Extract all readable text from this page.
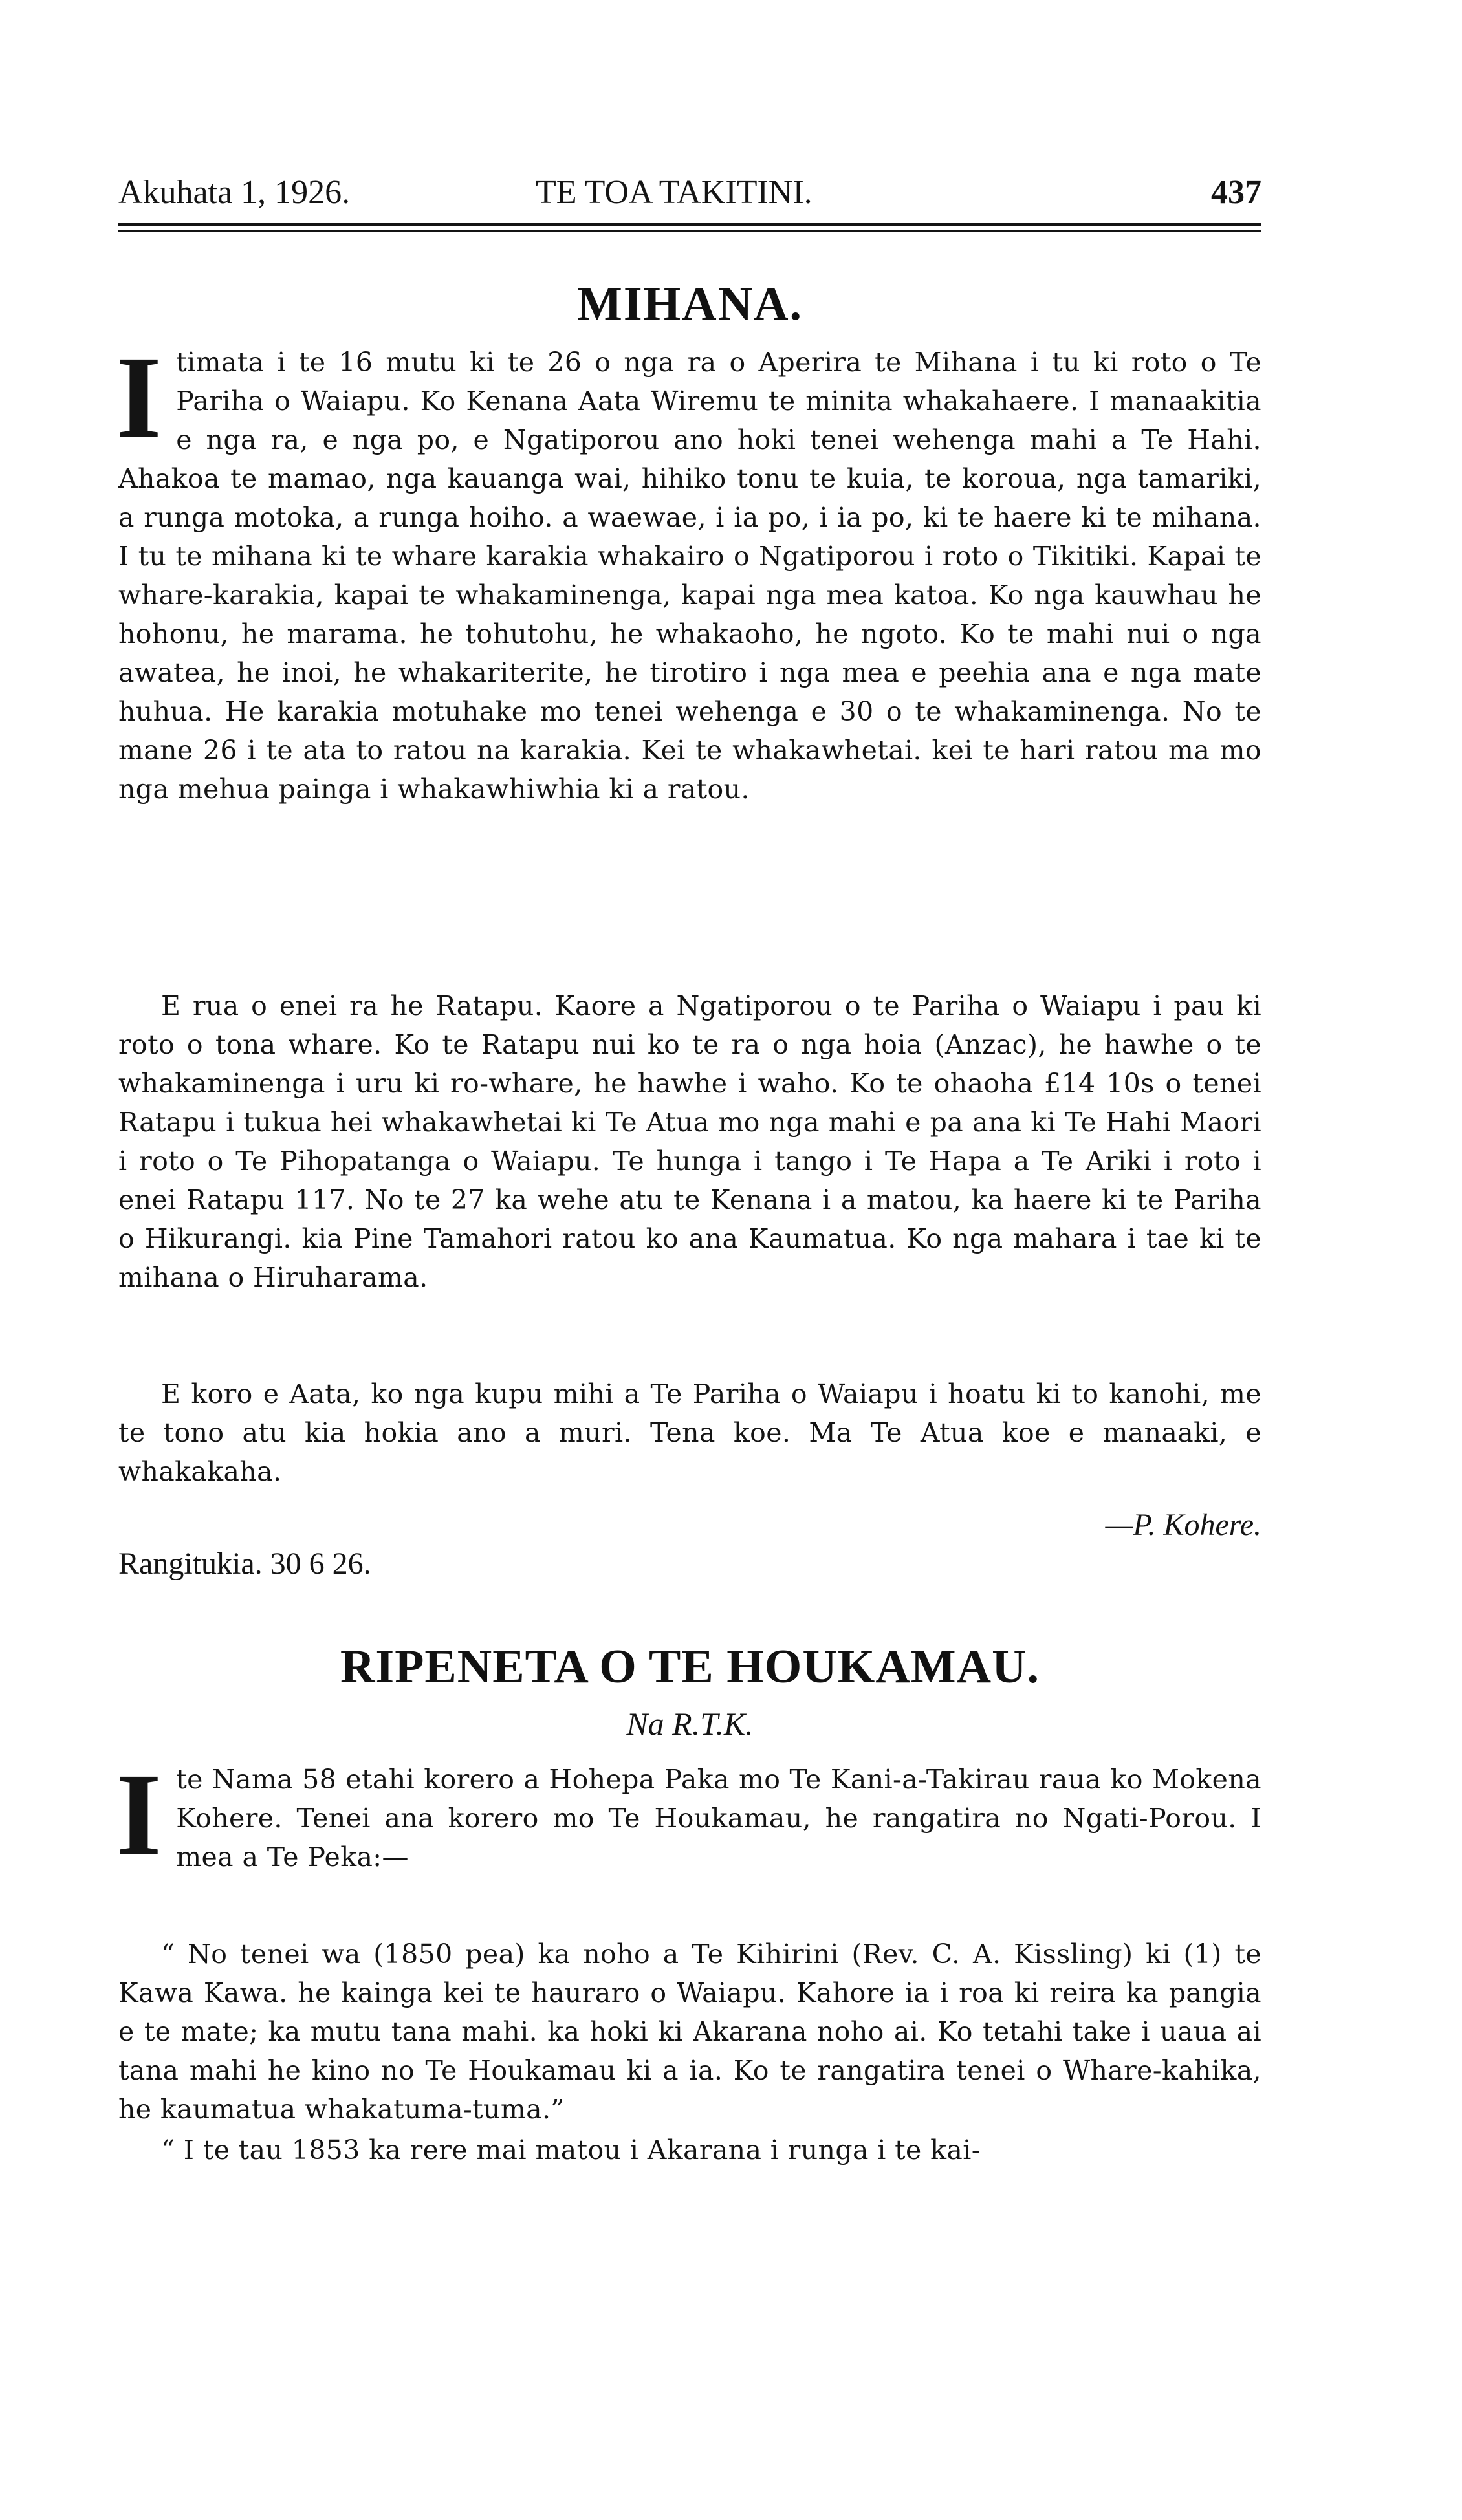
Akuhata 1, 1926.	TE TOA TAKITINI.	437
MIHANA.

Itimata i te 16 mutu ki te 26 o nga ra o Aperira te Mihana i tu ki roto o Te Pariha o Waiapu. Ko Kenana Aata Wiremu te minita whakahaere. I manaakitia e nga ra, e nga po, e Ngatiporou ano hoki tenei wehenga mahi a Te Hahi. Ahakoa te mamao, nga kauanga wai, hihiko tonu te kuia, te koroua, nga tamariki, a runga motoka, a runga hoiho. a waewae, i ia po, i ia po, ki te haere ki te mihana. I tu te mihana ki te whare karakia whakairo o Ngatiporou i roto o Tikitiki. Kapai te whare-karakia, kapai te whakaminenga, kapai nga mea katoa. Ko nga kauwhau he hohonu, he marama. he tohutohu, he whakaoho, he ngoto. Ko te mahi nui o nga awatea, he inoi, he whakariterite, he tirotiro i nga mea e peehia ana e nga mate huhua. He karakia motuhake mo tenei wehenga e 30 o te whakaminenga. No te mane 26 i te ata to ratou na karakia. Kei te whakawhetai. kei te hari ratou ma mo nga mehua painga i whakawhiwhia ki a ratou.

E rua o enei ra he Ratapu. Kaore a Ngatiporou o te Pariha o Waiapu i pau ki roto o tona whare. Ko te Ratapu nui ko te ra o nga hoia (Anzac), he hawhe o te whakaminenga i uru ki ro-whare, he hawhe i waho. Ko te ohaoha £14 10s o tenei Ratapu i tukua hei whakawhetai ki Te Atua mo nga mahi e pa ana ki Te Hahi Maori i roto o Te Pihopatanga o Waiapu. Te hunga i tango i Te Hapa a Te Ariki i roto i enei Ratapu 117. No te 27 ka wehe atu te Kenana i a matou, ka haere ki te Pariha o Hikurangi. kia Pine Tamahori ratou ko ana Kaumatua. Ko nga mahara i tae ki te mihana o Hiruharama.

E koro e Aata, ko nga kupu mihi a Te Pariha o Waiapu i hoatu ki to kanohi, me te tono atu kia hokia ano a muri. Tena koe. Ma Te Atua koe e manaaki, e whakakaha.

—P. Kohere.
Rangitukia. 30 6 26.
RIPENETA O TE HOUKAMAU.
Na R.T.K.

Ite Nama 58 etahi korero a Hohepa Paka mo Te Kani-a-Takirau raua ko Mokena Kohere. Tenei ana korero mo Te Houkamau, he rangatira no Ngati-Porou. I mea a Te Peka:—

“ No tenei wa (1850 pea) ka noho a Te Kihirini (Rev. C. A. Kissling) ki (1) te Kawa Kawa. he kainga kei te hauraro o Waiapu. Kahore ia i roa ki reira ka pangia e te mate; ka mutu tana mahi. ka hoki ki Akarana noho ai. Ko tetahi take i uaua ai tana mahi he kino no Te Houkamau ki a ia. Ko te rangatira tenei o Whare-kahika, he kaumatua whakatuma-tuma.”

“ I te tau 1853 ka rere mai matou i Akarana i runga i te kai-
